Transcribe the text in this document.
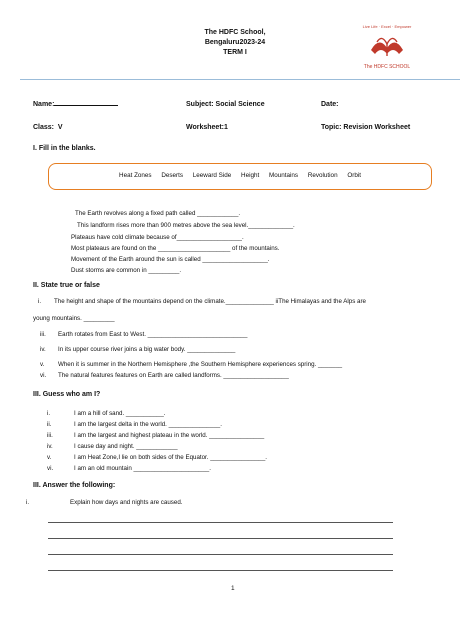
The HDFC School,
Bengaluru2023-24
TERM I
Live Life · Excel · Empower
The HDFC SCHOOL
Name:	Subject: Social Science	Date:
Class: V	Worksheet:1	Topic: Revision Worksheet
I. Fill in the blanks.
Heat Zones Deserts Leeward Side Height Mountains Revolution Orbit
The Earth revolves along a fixed path called ____________.
This landform rises more than 900 metres above the sea level._____________.
Plateaus have cold climate because of___________________.
Most plateaus are found on the _____________________ of the mountains.
Movement of the Earth around the sun is called ___________________.
Dust storms are common in _________.
II. State true or false
i. The height and shape of the mountains depend on the climate.______________ iiThe Himalayas and the Alps are
young mountains. _________
iii. Earth rotates from East to West. _____________________________
iv. In its upper course river joins a big water body. ______________
v. When it is summer in the Northern Hemisphere ,the Southern Hemisphere experiences spring. _______
vi. The natural features features on Earth are called landforms. ___________________
III. Guess who am I?
i.	I am a hill of sand. ___________.
ii.	I am the largest delta in the world. _______________.
iii.	I am the largest and highest plateau in the world. ________________
iv.	I cause day and night. ____________
v.	I am Heat Zone,I lie on both sides of the Equator. ________________.
vi.	I am an old mountain ______________________.
III. Answer the following:
i.	Explain how days and nights are caused.
1
